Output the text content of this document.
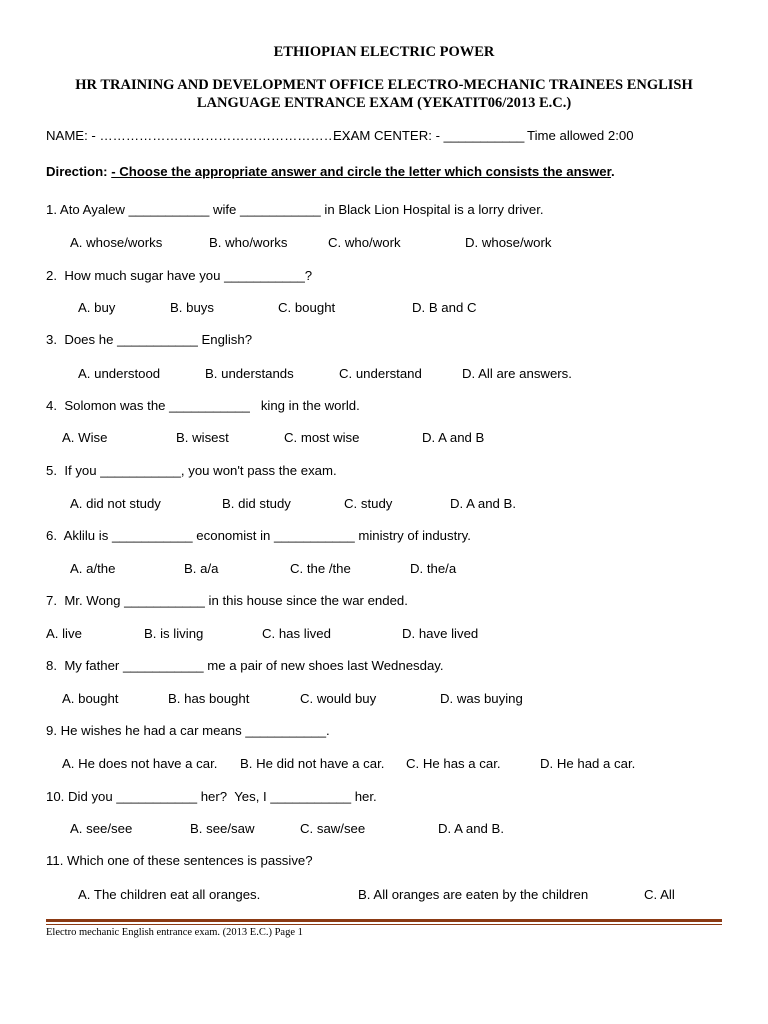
ETHIOPIAN ELECTRIC POWER
HR TRAINING AND DEVELOPMENT OFFICE ELECTRO-MECHANIC TRAINEES ENGLISH
LANGUAGE ENTRANCE EXAM (YEKATIT06/2013 E.C.)
NAME: - ………………………………………………….
EXAM CENTER: - ___________ Time allowed 2:00
Direction: - Choose the appropriate answer and circle the letter which consists the answer.
1. Ato Ayalew ___________ wife ___________ in Black Lion Hospital is a lorry driver.
A. whose/works	B. who/works	C. who/work	D. whose/work
2.  How much sugar have you ___________?
A. buy	B. buys	C. bought	D. B and C
3.  Does he ___________ English?
A. understood	B. understands	C. understand	D. All are answers.
4.  Solomon was the ___________   king in the world.
A. Wise	B. wisest	C. most wise	D. A and B
5.  If you ___________, you won't pass the exam.
A. did not study	B. did study	C. study	D. A and B.
6.  Aklilu is ___________ economist in ___________ ministry of industry.
A. a/the	B. a/a	C. the /the	D. the/a
7.  Mr. Wong ___________ in this house since the war ended.
A. live	B. is living	C. has lived	D. have lived
8.  My father ___________ me a pair of new shoes last Wednesday.
A. bought	B. has bought	C. would buy	D. was buying
9. He wishes he had a car means ___________.
A. He does not have a car. B. He did not have a car. C. He has a car.	D. He had a car.
10. Did you ___________ her?  Yes, I ___________ her.
A. see/see	B. see/saw	C. saw/see	D. A and B.
11. Which one of these sentences is passive?
A. The children eat all oranges.	B. All oranges are eaten by the children	C. All
Electro mechanic English entrance exam. (2013 E.C.) Page 1
